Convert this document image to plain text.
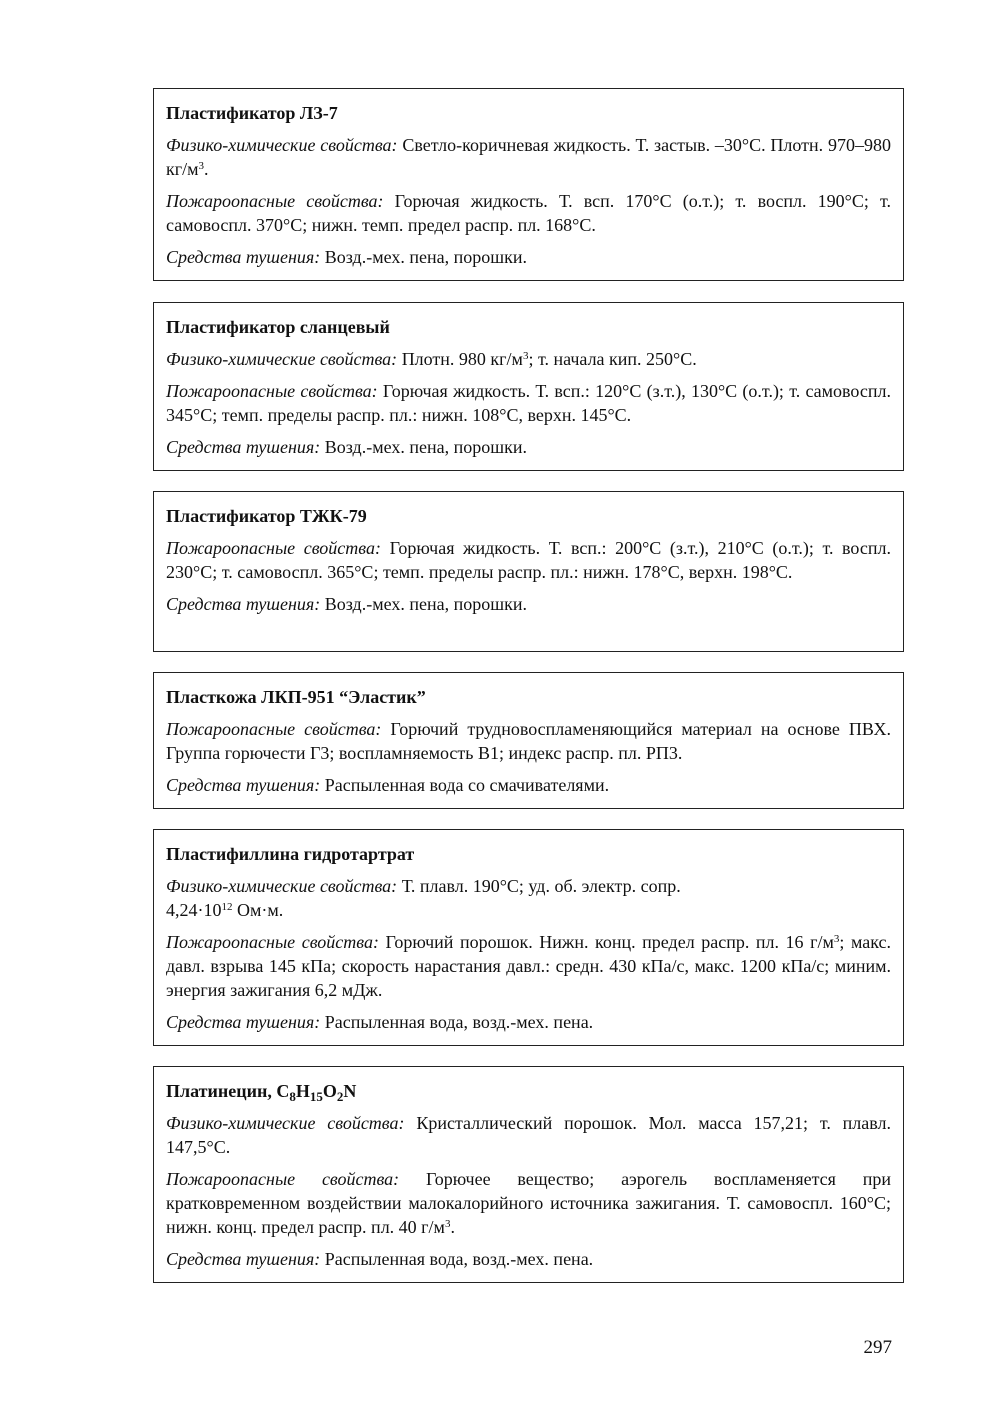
Пластификатор ЛЗ-7
Физико-химические свойства: Светло-коричневая жидкость. Т. застыв. –30°С. Плотн. 970–980 $кг/м^3$.
Пожароопасные свойства: Горючая жидкость. Т. всп. 170°С (о.т.); т. воспл. 190°С; т. самовоспл. 370°С; нижн. темп. предел распр. пл. 168°С.
Средства тушения: Возд.-мех. пена, порошки.
Пластификатор сланцевый
Физико-химические свойства: Плотн. 980 $кг/м^3$; т. начала кип. 250°С.
Пожароопасные свойства: Горючая жидкость. Т. всп.: 120°С (з.т.), 130°С (о.т.); т. самовоспл. 345°С; темп. пределы распр. пл.: нижн. 108°С, верхн. 145°С.
Средства тушения: Возд.-мех. пена, порошки.
Пластификатор ТЖК-79
Пожароопасные свойства: Горючая жидкость. Т. всп.: 200°С (з.т.), 210°С (о.т.); т. воспл. 230°С; т. самовоспл. 365°С; темп. пределы распр. пл.: нижн. 178°С, верхн. 198°С.
Средства тушения: Возд.-мех. пена, порошки.
Пласткожа ЛКП-951 “Эластик”
Пожароопасные свойства: Горючий трудновоспламеняющийся материал на основе ПВХ. Группа горючести Г3; воспламняемость В1; индекс распр. пл. РП3.
Средства тушения: Распыленная вода со смачивателями.
Пластифиллина гидротартрат
Физико-химические свойства: Т. плавл. 190°С; уд. об. электр. сопр.
$4,24\cdot 10^{12}$ Ом·м.
Пожароопасные свойства: Горючий порошок. Нижн. конц. предел распр. пл. 16 $г/м^3$; макс. давл. взрыва 145 кПа; скорость нарастания давл.: средн. 430 кПа/с, макс. 1200 кПа/с; миним. энергия зажигания 6,2 мДж.
Средства тушения: Распыленная вода, возд.-мех. пена.
Платинецин, $С_8Н_{15}О_2N$
Физико-химические свойства: Кристаллический порошок. Мол. масса 157,21; т. плавл. 147,5°С.
Пожароопасные свойства: Горючее вещество; аэрогель воспламеняется при кратковременном воздействии малокалорийного источника зажигания. Т. самовоспл. 160°С; нижн. конц. предел распр. пл. 40 $г/м^3$.
Средства тушения: Распыленная вода, возд.-мех. пена.
297
